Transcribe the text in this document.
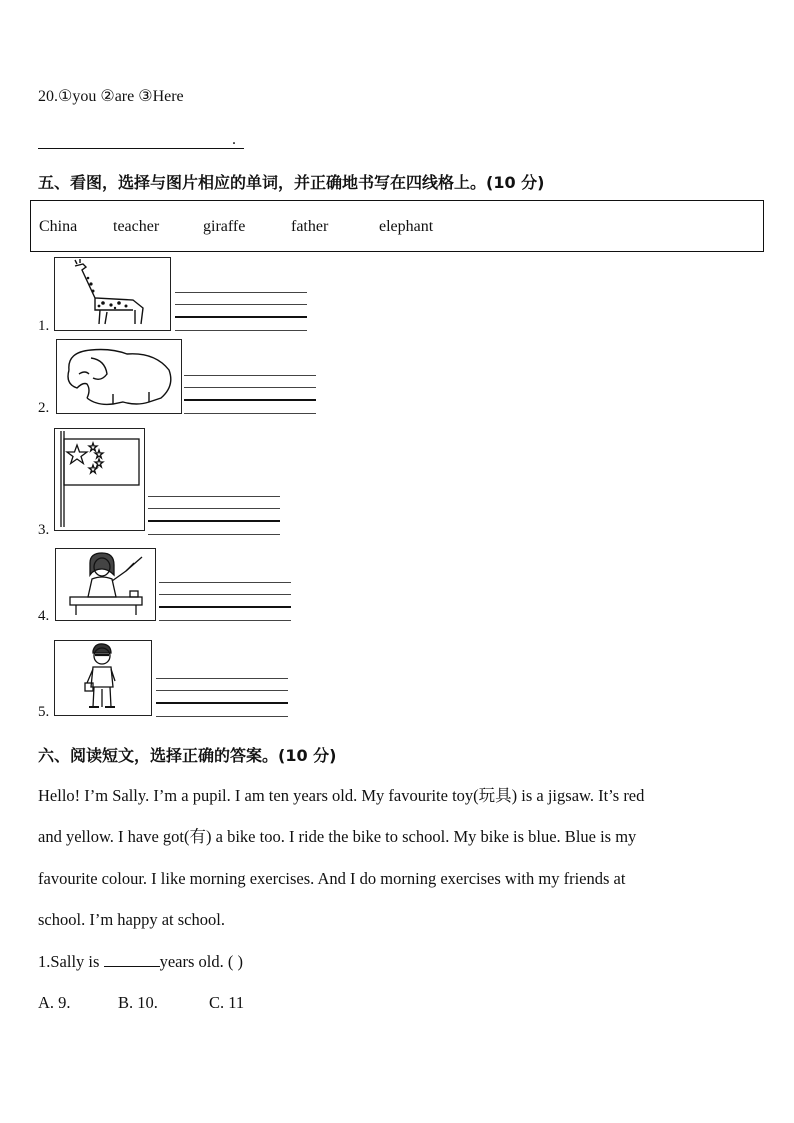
20.①you ②are ③Here
.
五、看图，选择与图片相应的单词，并正确地书写在四线格上。(10 分)
China teacher	giraffe	father	elephant
1.
2.
3.
4.
5.
六、阅读短文，选择正确的答案。(10 分)
Hello! I’m Sally. I’m a pupil. I am ten years old. My favourite toy(玩具) is a jigsaw. It’s red
and yellow. I have got(有) a bike too. I ride the bike to school. My bike is blue. Blue is my
favourite colour. I like morning exercises. And I do morning exercises with my friends at
school. I’m happy at school.
1.Sally is	years old. ( )
A. 9.	B. 10.	C. 11
